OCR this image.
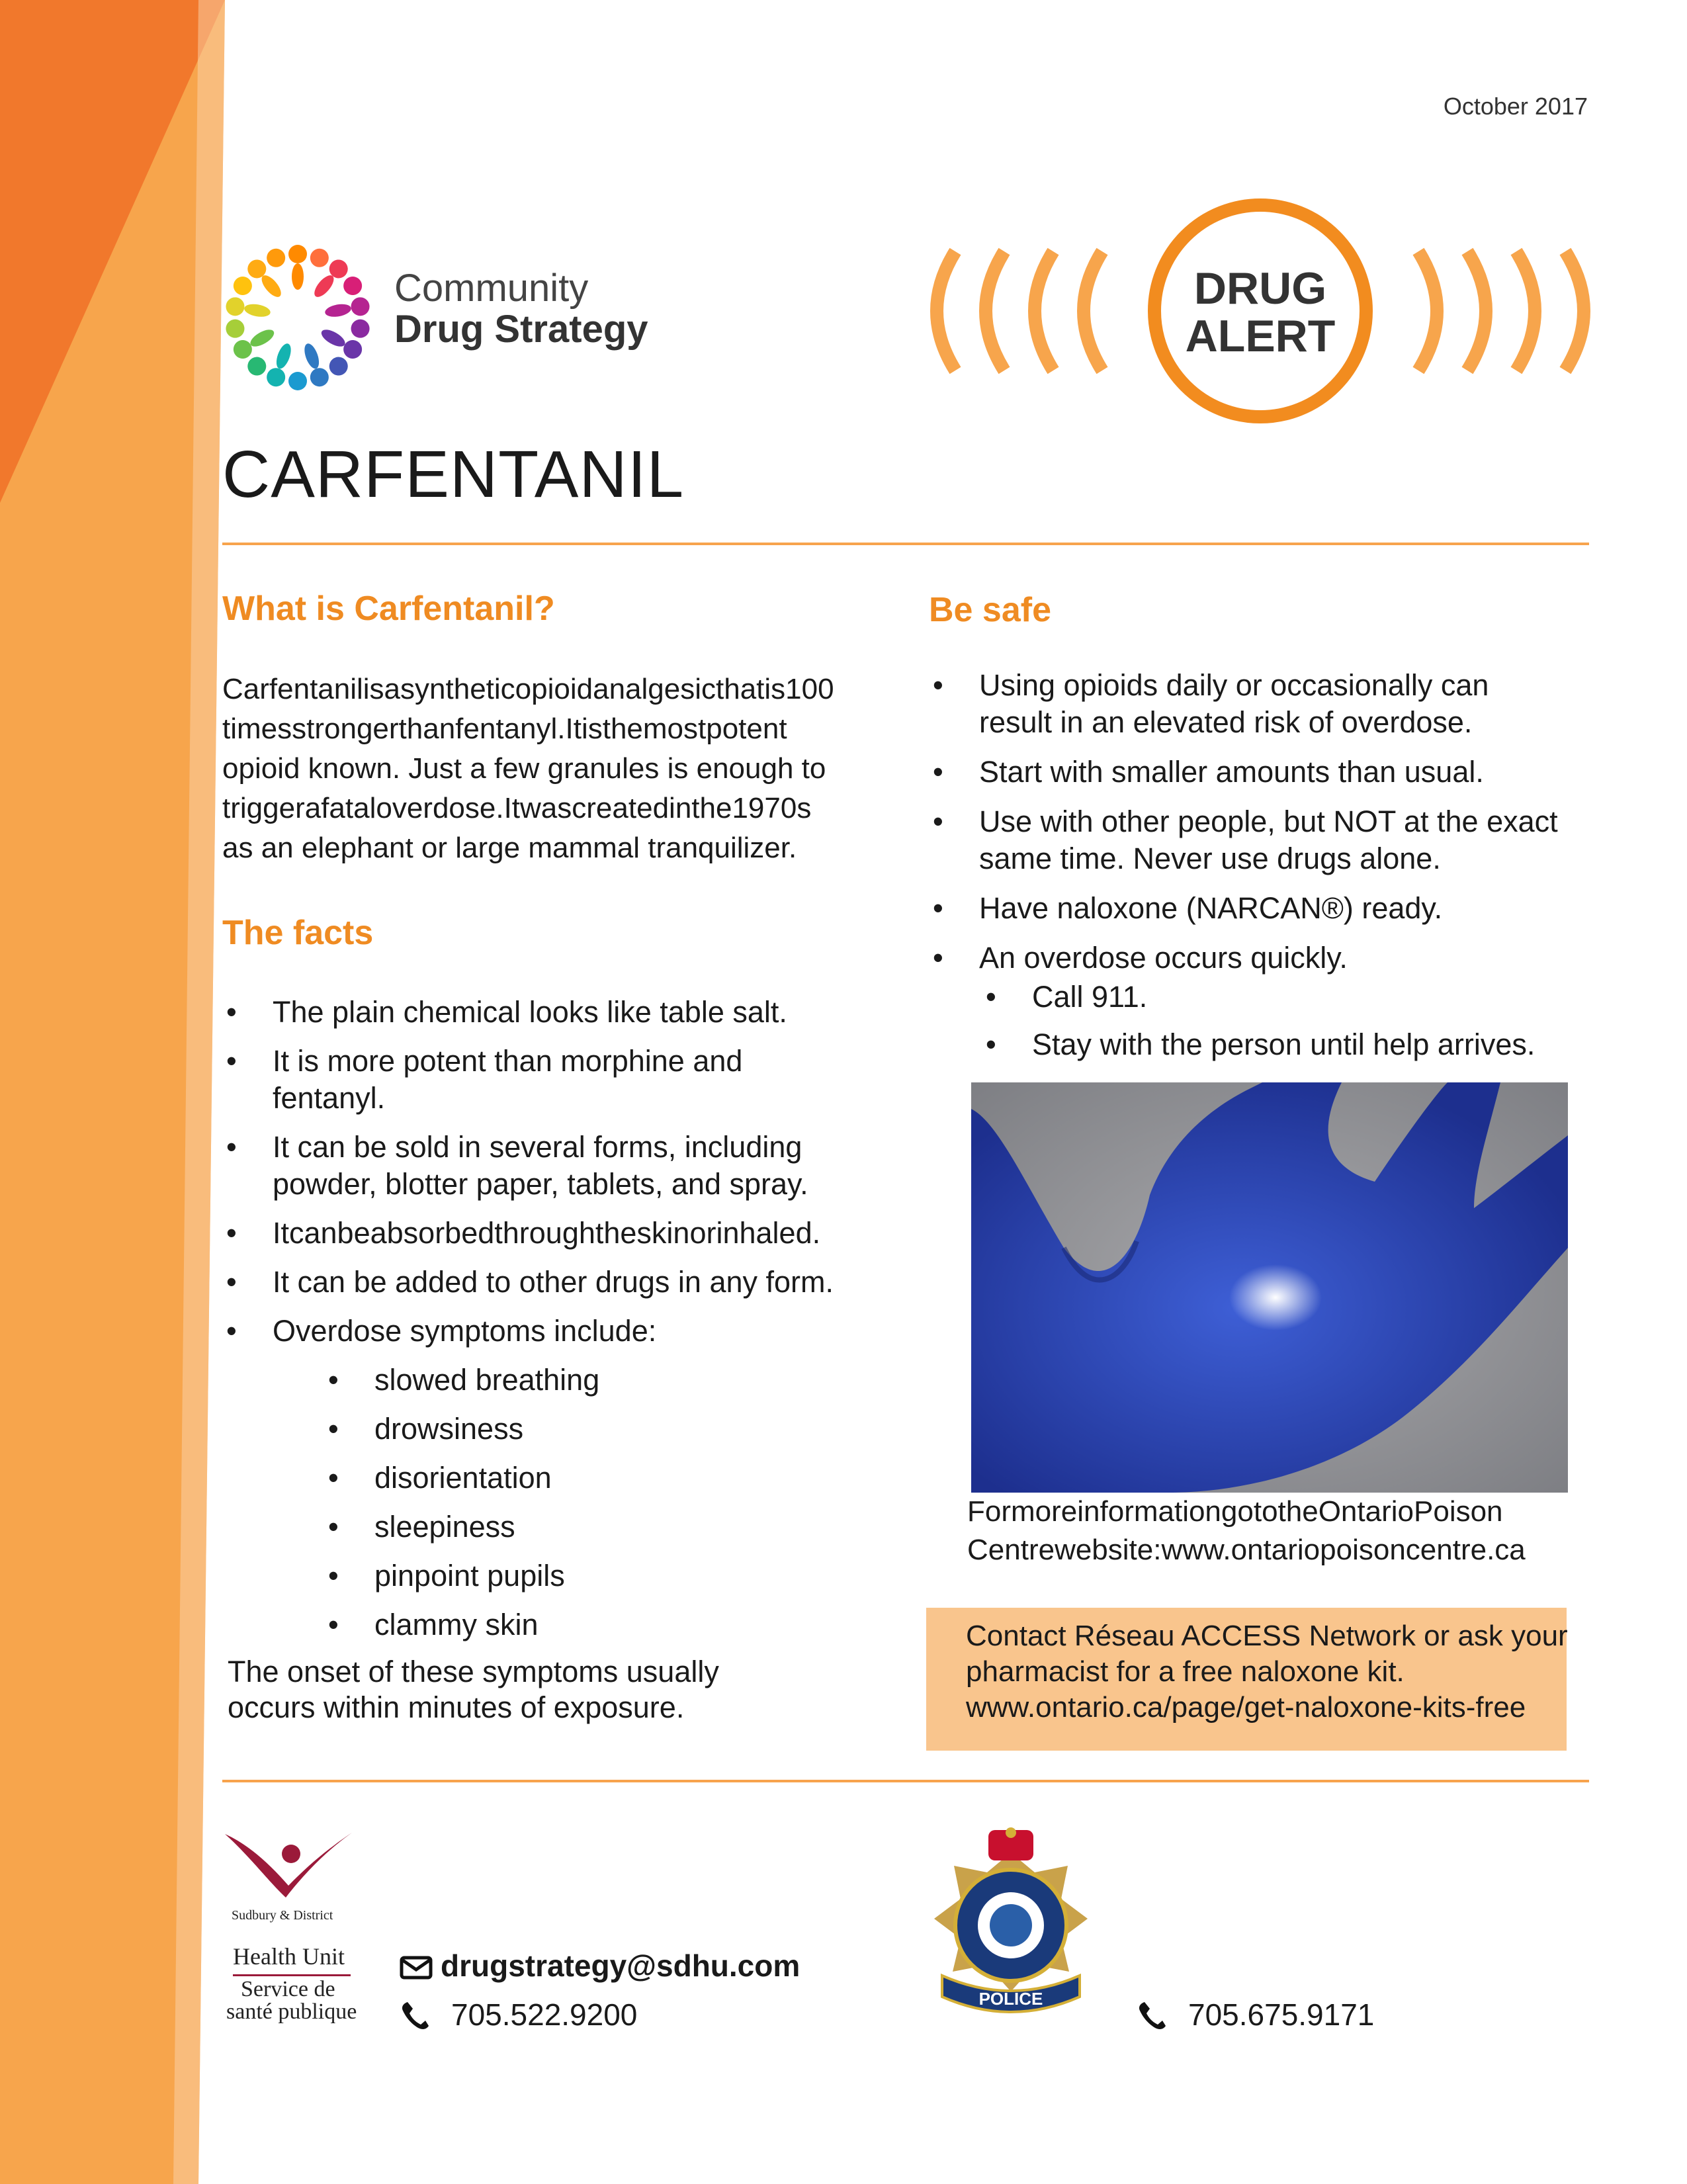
October 2017
Community
Drug Strategy
DRUG
ALERT
CARFENTANIL
What is Carfentanil?
Carfentanilisasyntheticopioidanalgesicthatis100
timesstrongerthanfentanyl.Itisthemostpotent
opioid known. Just a few granules is enough to
triggerafataloverdose.Itwascreatedinthe1970s
as an elephant or large mammal tranquilizer.
The facts
• The plain chemical looks like table salt.
• It is more potent than morphine and fentanyl.
• It can be sold in several forms, including powder, blotter paper, tablets, and spray.
• Itcanbeabsorbedthroughtheskinorinhaled.
• It can be added to other drugs in any form.
• Overdose symptoms include:
• slowed breathing
• drowsiness
• disorientation
• sleepiness
• pinpoint pupils
• clammy skin
The onset of these symptoms usually
occurs within minutes of exposure.
Be safe
• Using opioids daily or occasionally can result in an elevated risk of overdose.
• Start with smaller amounts than usual.
• Use with other people, but NOT at the exact same time. Never use drugs alone.
• Have naloxone (NARCAN®) ready.
• An overdose occurs quickly.
• Call 911.
• Stay with the person until help arrives.
FormoreinformationgototheOntarioPoison
Centrewebsite:www.ontariopoisoncentre.ca
Contact Réseau ACCESS Network or ask your
pharmacist for a free naloxone kit.
www.ontario.ca/page/get-naloxone-kits-free
Sudbury & District
Health Unit
Service de
santé publique
drugstrategy@sdhu.com
705.522.9200	POLICE	705.675.9171
